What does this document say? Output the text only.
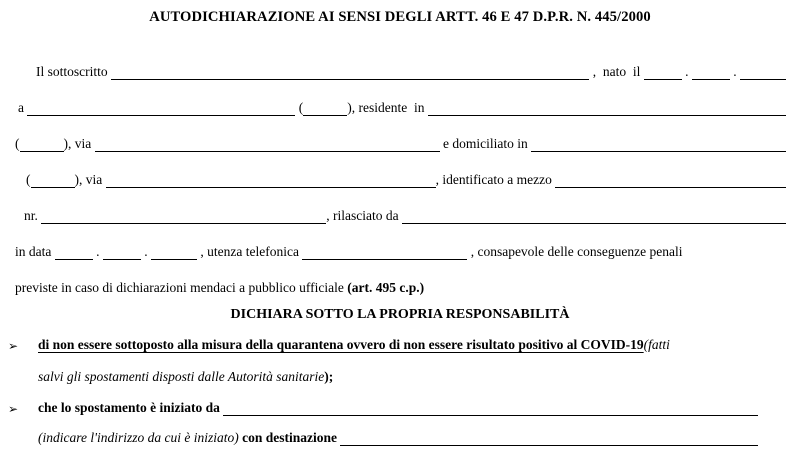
AUTODICHIARAZIONE AI SENSI DEGLI ARTT. 46 E 47 D.P.R. N. 445/2000
Il sottoscritto	,  nato  il	.	.
a	(	), residente  in
(	), via	e domiciliato in
(	), via	, identificato a mezzo
nr.	, rilasciato da
in data	.	.	, utenza telefonica	, consapevole delle conseguenze penali
previste in caso di dichiarazioni mendaci a pubblico ufficiale (art. 495 c.p.)
DICHIARA SOTTO LA PROPRIA RESPONSABILITÀ
➢	di non essere sottoposto alla misura della quarantena ovvero di non essere risultato positivo al COVID-19 (fatti
salvi gli spostamenti disposti dalle Autorità sanitarie );
➢	che lo spostamento è iniziato da
(indicare l'indirizzo da cui è iniziato) con destinazione
